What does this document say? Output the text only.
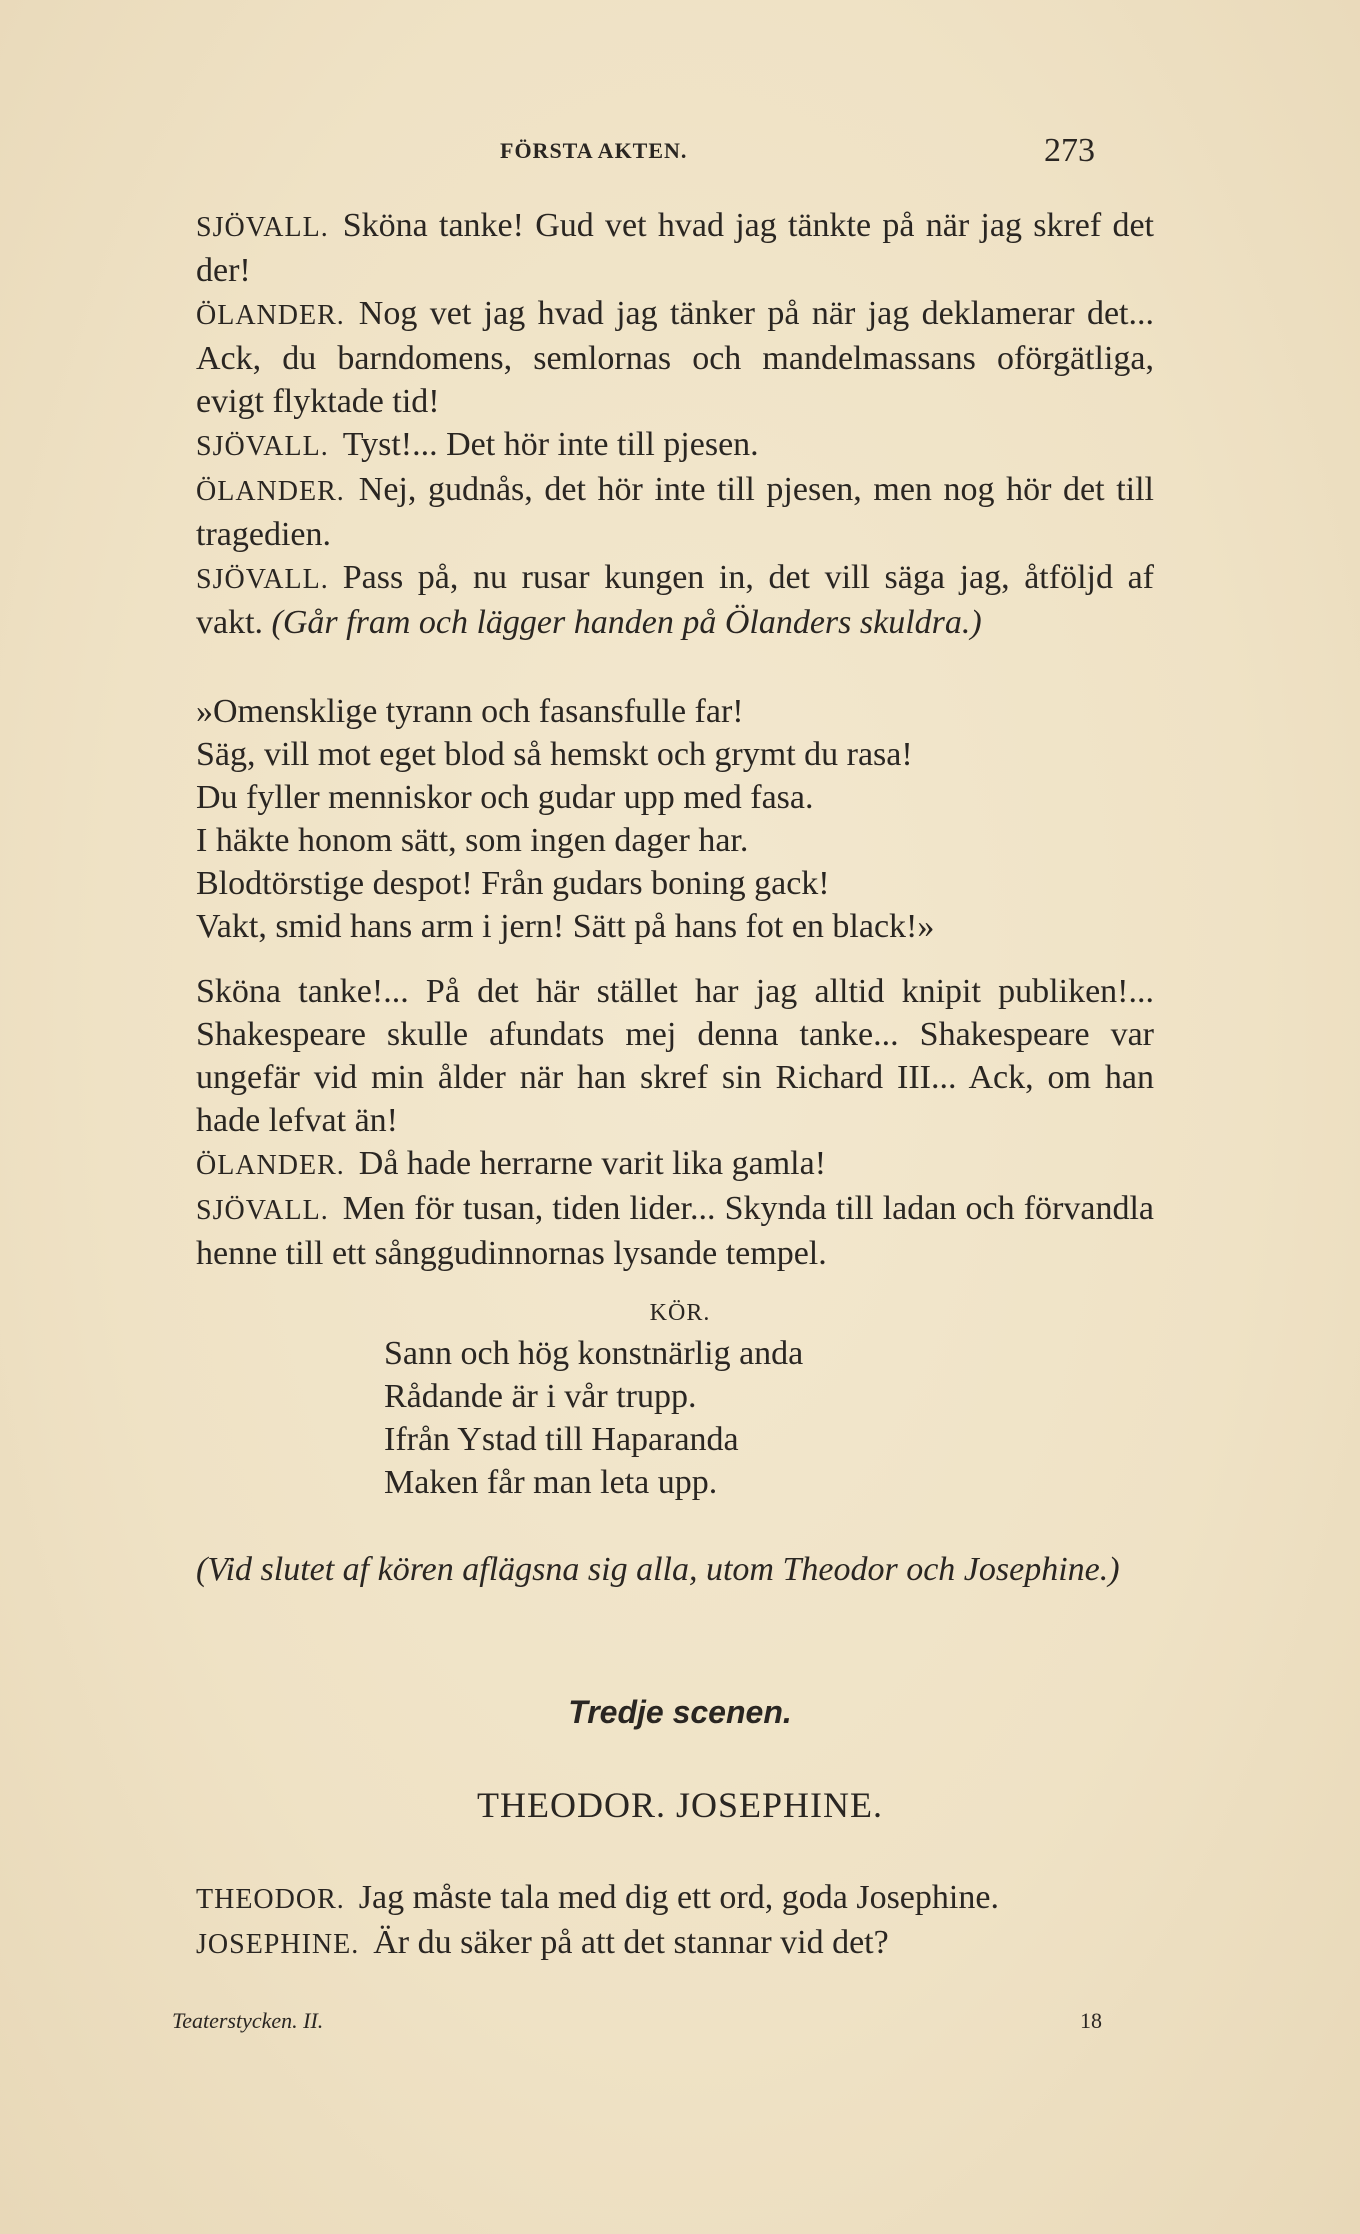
FÖRSTA AKTEN.	273

SJÖVALL. Sköna tanke! Gud vet hvad jag tänkte på när jag skref det der!

ÖLANDER. Nog vet jag hvad jag tänker på när jag deklamerar det... Ack, du barndomens, semlornas och mandelmassans oförgätliga, evigt flyktade tid!

SJÖVALL. Tyst!... Det hör inte till pjesen.

ÖLANDER. Nej, gudnås, det hör inte till pjesen, men nog hör det till tragedien.

SJÖVALL. Pass på, nu rusar kungen in, det vill säga jag, åtföljd af vakt. (Går fram och lägger handen på Ölanders skuldra.)

»Omensklige tyrann och fasansfulle far!

Säg, vill mot eget blod så hemskt och grymt du rasa!

Du fyller menniskor och gudar upp med fasa.

I häkte honom sätt, som ingen dager har.

Blodtörstige despot! Från gudars boning gack!

Vakt, smid hans arm i jern! Sätt på hans fot en black!»

Sköna tanke!... På det här stället har jag alltid knipit publiken!... Shakespeare skulle afundats mej denna tanke... Shakespeare var ungefär vid min ålder när han skref sin Richard III... Ack, om han hade lefvat än!

ÖLANDER. Då hade herrarne varit lika gamla!

SJÖVALL. Men för tusan, tiden lider... Skynda till ladan och förvandla henne till ett sånggudinnornas lysande tempel.

KÖR.

Sann och hög konstnärlig anda

Rådande är i vår trupp.

Ifrån Ystad till Haparanda

Maken får man leta upp.

(Vid slutet af kören aflägsna sig alla, utom Theodor och Josephine.)
Tredje scenen.
THEODOR. JOSEPHINE.

THEODOR. Jag måste tala med dig ett ord, goda Josephine.

JOSEPHINE. Är du säker på att det stannar vid det?

Teaterstycken. II.	18
